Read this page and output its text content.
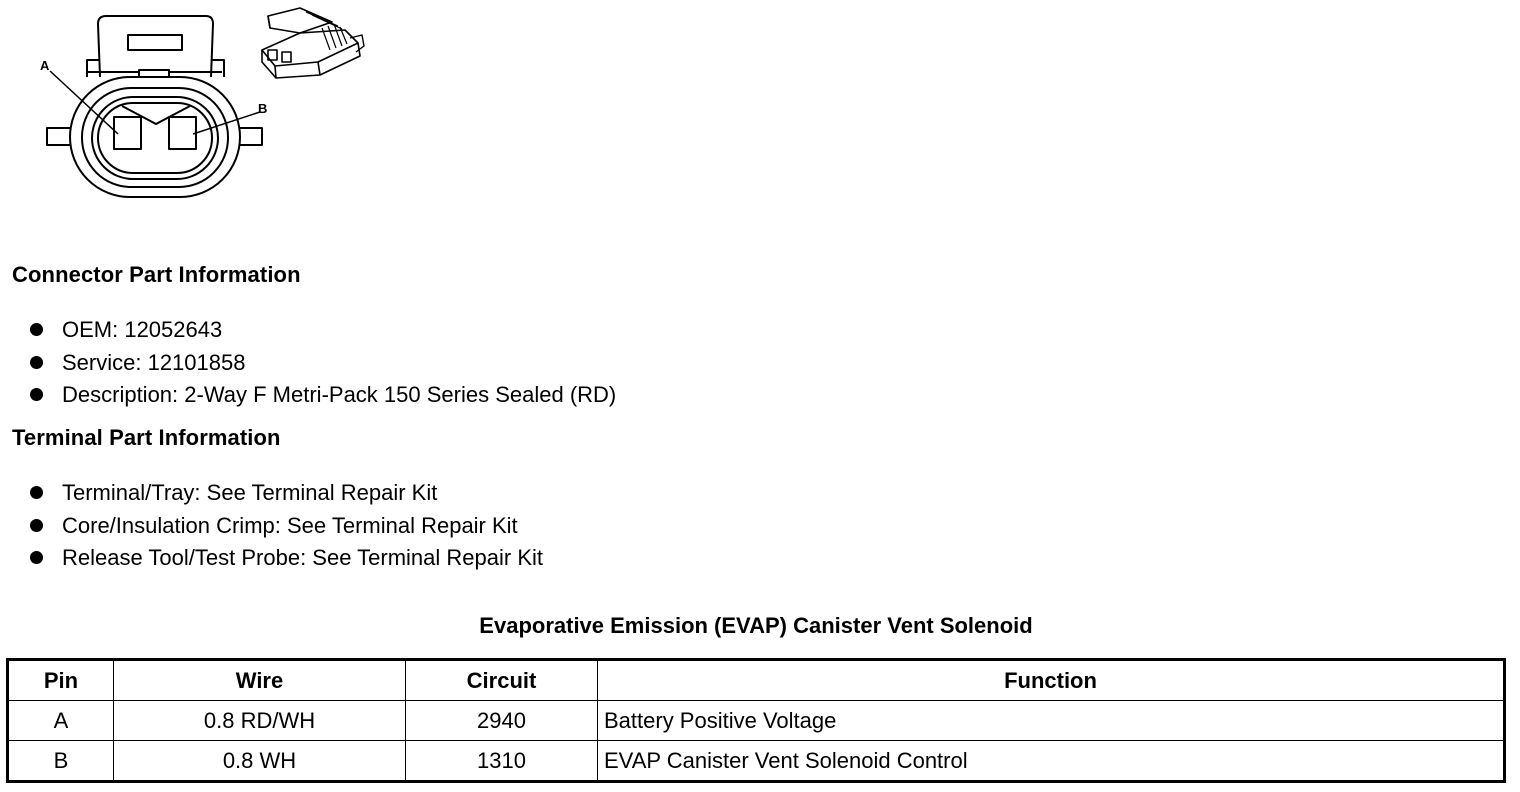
A
B
Connector Part Information
OEM: 12052643
Service: 12101858
Description: 2-Way F Metri-Pack 150 Series Sealed (RD)
Terminal Part Information
Terminal/Tray: See Terminal Repair Kit
Core/Insulation Crimp: See Terminal Repair Kit
Release Tool/Test Probe: See Terminal Repair Kit
Evaporative Emission (EVAP) Canister Vent Solenoid
Pin	Wire	Circuit	Function
A	0.8 RD/WH	2940	Battery Positive Voltage
B	0.8 WH	1310	EVAP Canister Vent Solenoid Control
